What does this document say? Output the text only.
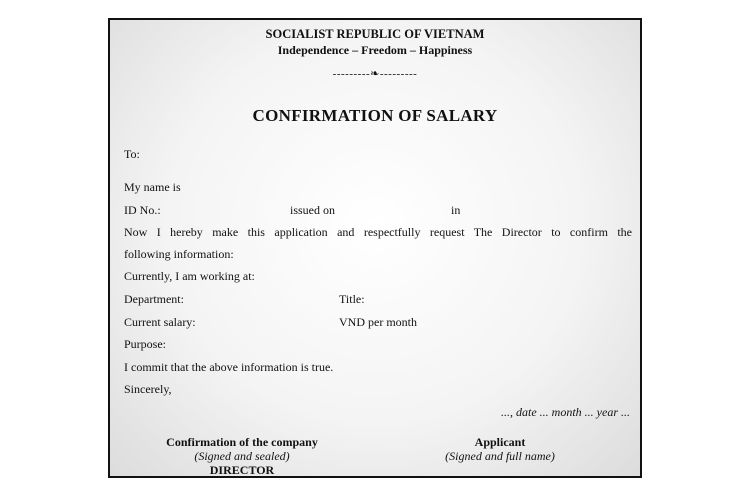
SOCIALIST REPUBLIC OF VIETNAM
Independence – Freedom – Happiness
---------❧---------
CONFIRMATION OF SALARY
To:
My name is
ID No.:	issued on	in
Now I hereby make this application and respectfully request The Director to confirm the
following information:
Currently, I am working at:
Department:	Title:
Current salary:	VND per month
Purpose:
I commit that the above information is true.
Sincerely,
..., date ... month ... year ...
Confirmation of the company
(Signed and sealed)
DIRECTOR
Applicant
(Signed and full name)
